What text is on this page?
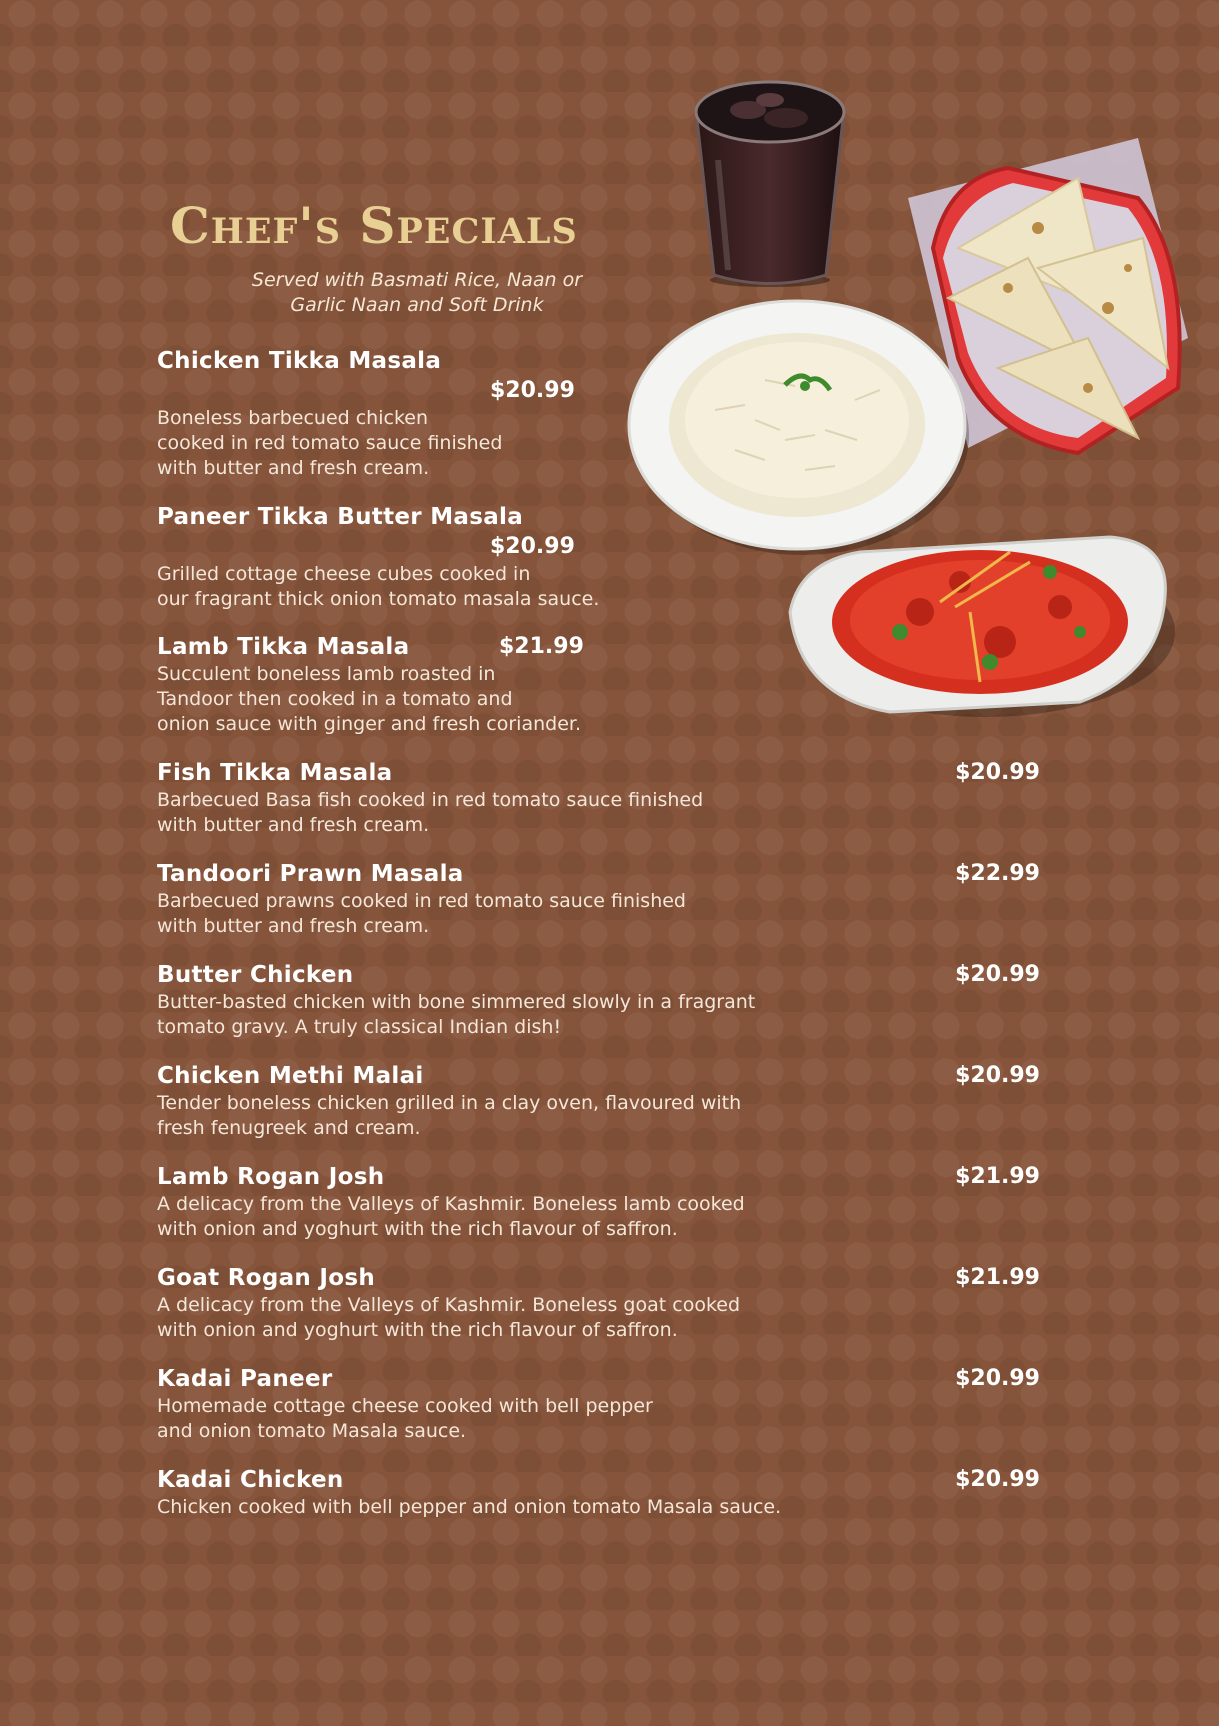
Chef's Specials
Served with Basmati Rice, Naan or
Garlic Naan and Soft Drink
Chicken Tikka Masala
$20.99
Boneless barbecued chicken
cooked in red tomato sauce finished
with butter and fresh cream.
Paneer Tikka Butter Masala
$20.99
Grilled cottage cheese cubes cooked in
our fragrant thick onion tomato masala sauce.
Lamb Tikka Masala	$21.99
Succulent boneless lamb roasted in
Tandoor then cooked in a tomato and
onion sauce with ginger and fresh coriander.
Fish Tikka Masala	$20.99
Barbecued Basa fish cooked in red tomato sauce finished
with butter and fresh cream.
Tandoori Prawn Masala	$22.99
Barbecued prawns cooked in red tomato sauce finished
with butter and fresh cream.
Butter Chicken	$20.99
Butter-basted chicken with bone simmered slowly in a fragrant
tomato gravy. A truly classical Indian dish!
Chicken Methi Malai	$20.99
Tender boneless chicken grilled in a clay oven, flavoured with
fresh fenugreek and cream.
Lamb Rogan Josh	$21.99
A delicacy from the Valleys of Kashmir. Boneless lamb cooked
with onion and yoghurt with the rich flavour of saffron.
Goat Rogan Josh	$21.99
A delicacy from the Valleys of Kashmir. Boneless goat cooked
with onion and yoghurt with the rich flavour of saffron.
Kadai Paneer	$20.99
Homemade cottage cheese cooked with bell pepper
and onion tomato Masala sauce.
Kadai Chicken	$20.99
Chicken cooked with bell pepper and onion tomato Masala sauce.
